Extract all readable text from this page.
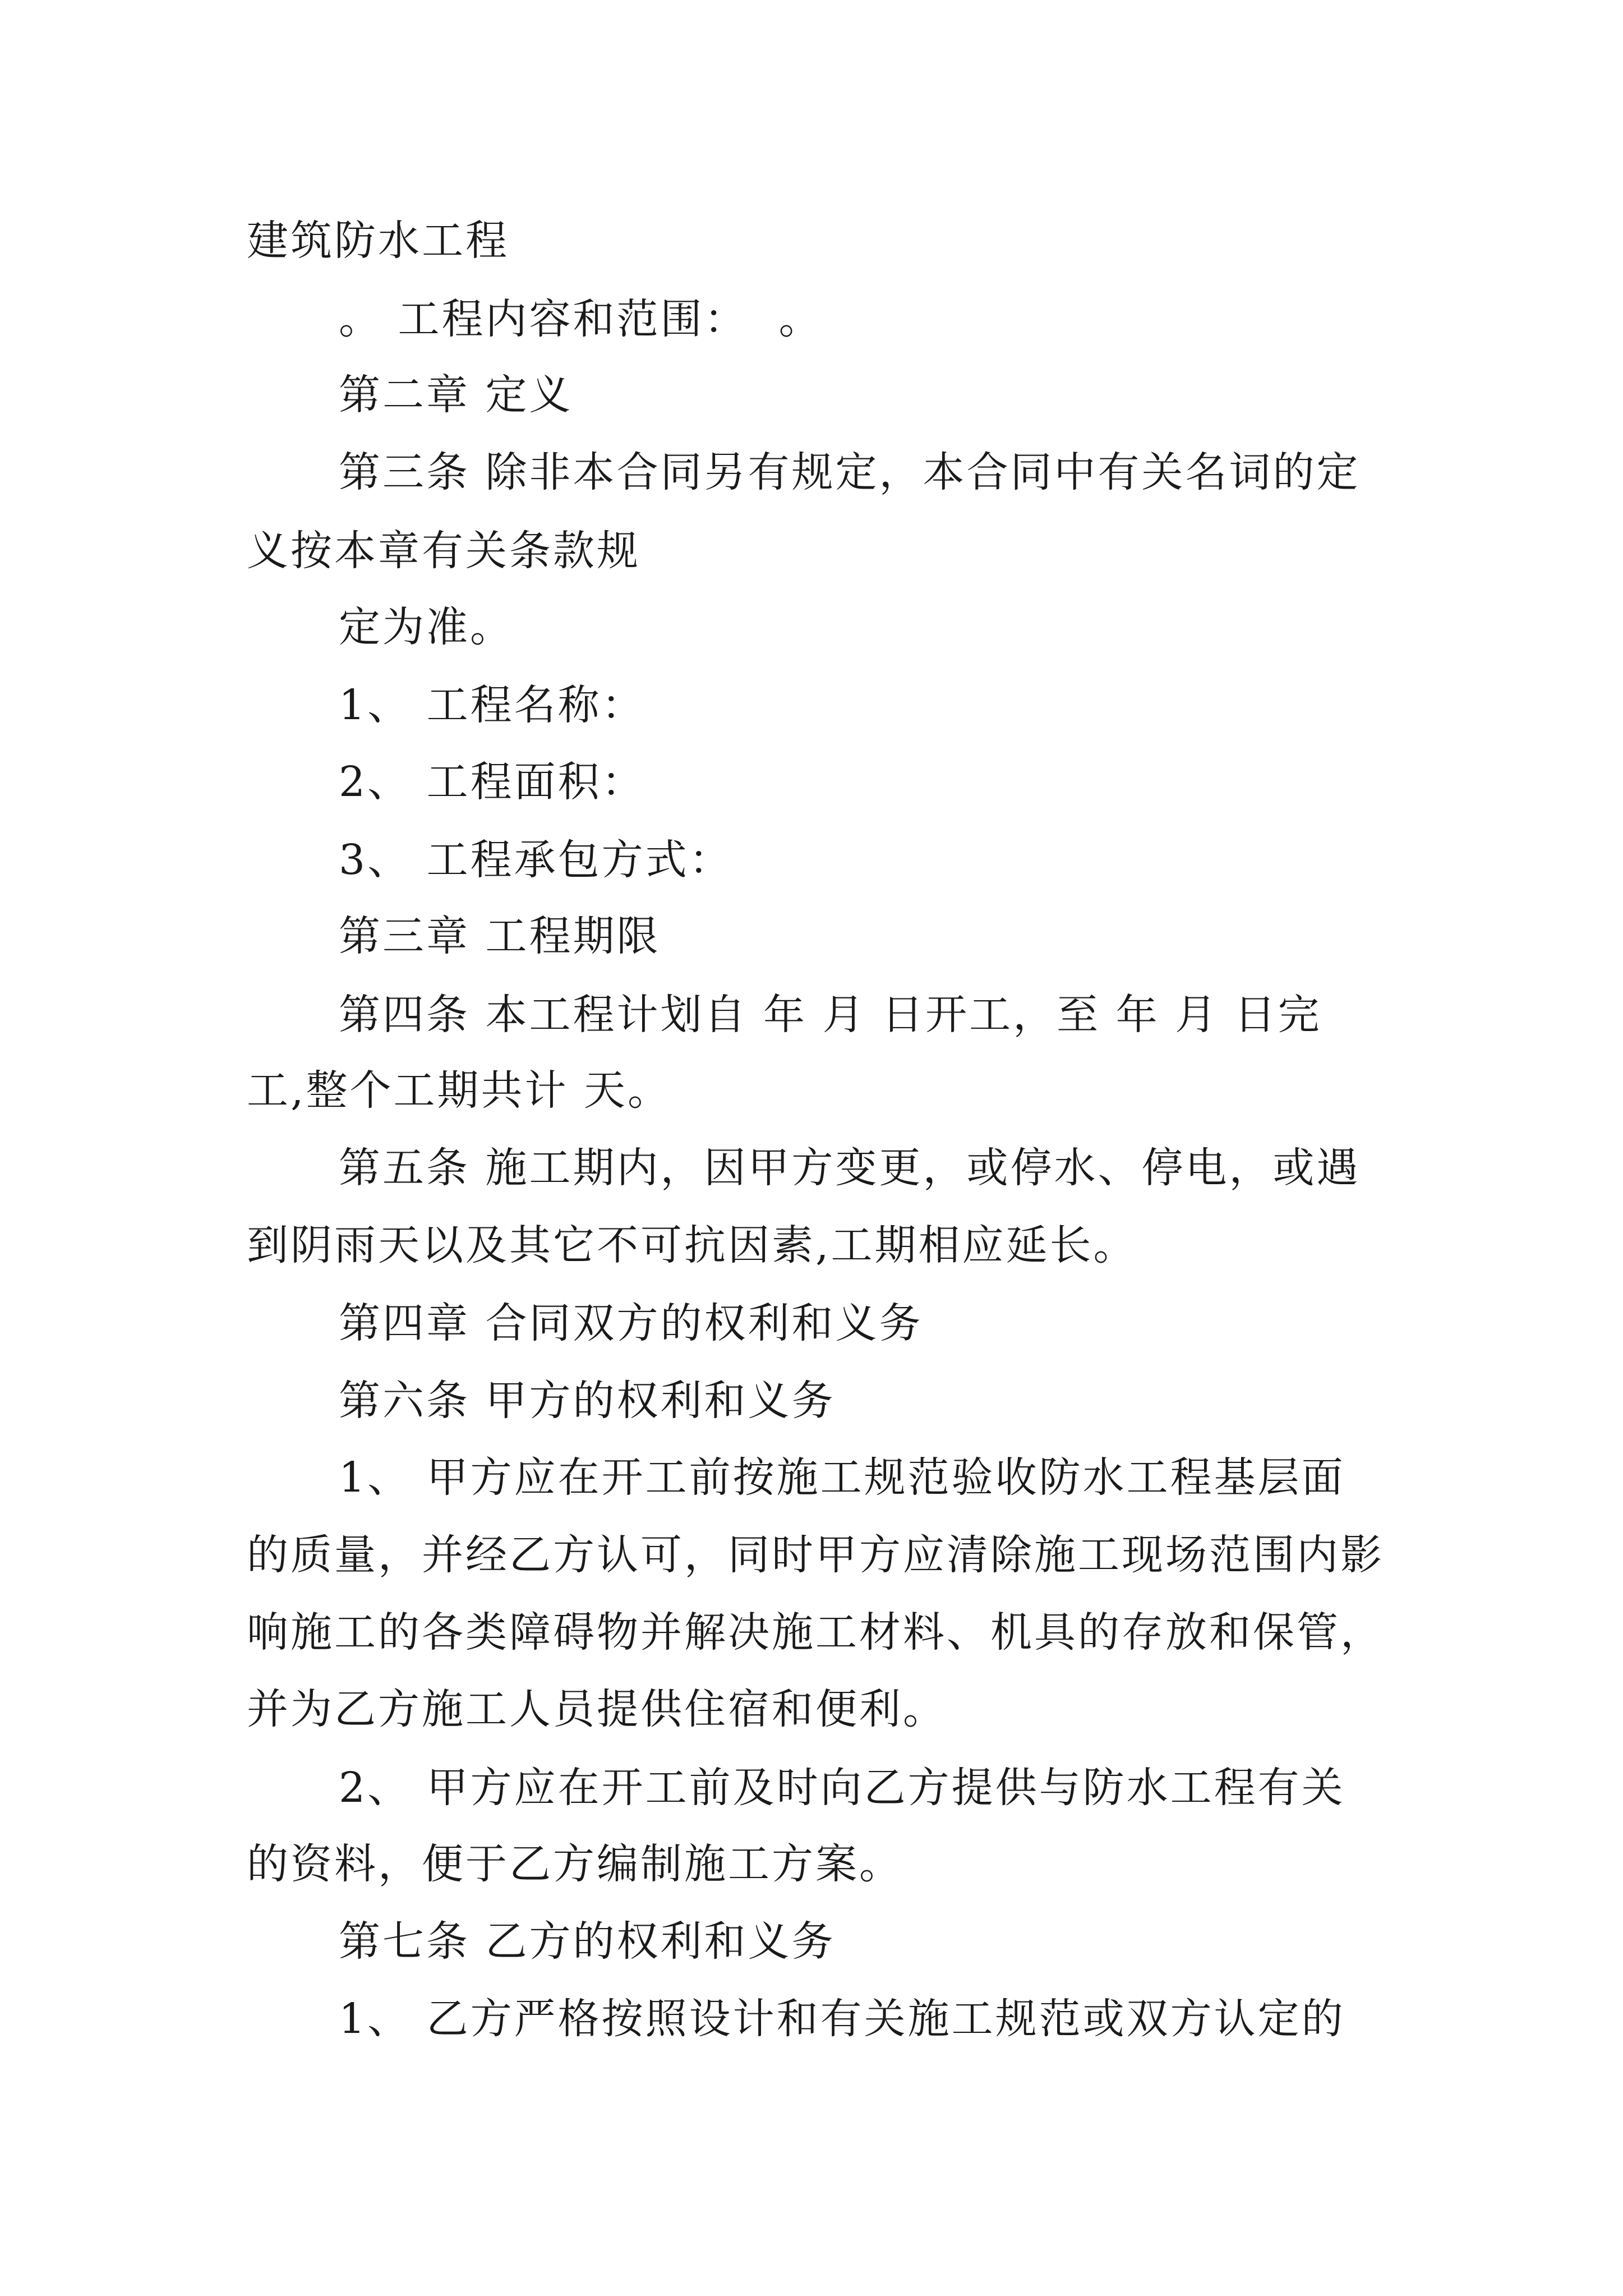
建筑防水工程
。 工程内容和范围：  。
第二章 定义
第三条 除非本合同另有规定，本合同中有关名词的定
义按本章有关条款规
定为准。
1、 工程名称：
2、 工程面积：
3、 工程承包方式：
第三章 工程期限
第四条 本工程计划自 年 月 日开工，至 年 月 日完
工,整个工期共计 天。
第五条 施工期内，因甲方变更，或停水、停电，或遇
到阴雨天以及其它不可抗因素,工期相应延长。
第四章 合同双方的权利和义务
第六条 甲方的权利和义务
1、 甲方应在开工前按施工规范验收防水工程基层面
的质量，并经乙方认可，同时甲方应清除施工现场范围内影
响施工的各类障碍物并解决施工材料、机具的存放和保管，
并为乙方施工人员提供住宿和便利。
2、 甲方应在开工前及时向乙方提供与防水工程有关
的资料，便于乙方编制施工方案。
第七条 乙方的权利和义务
1、 乙方严格按照设计和有关施工规范或双方认定的
